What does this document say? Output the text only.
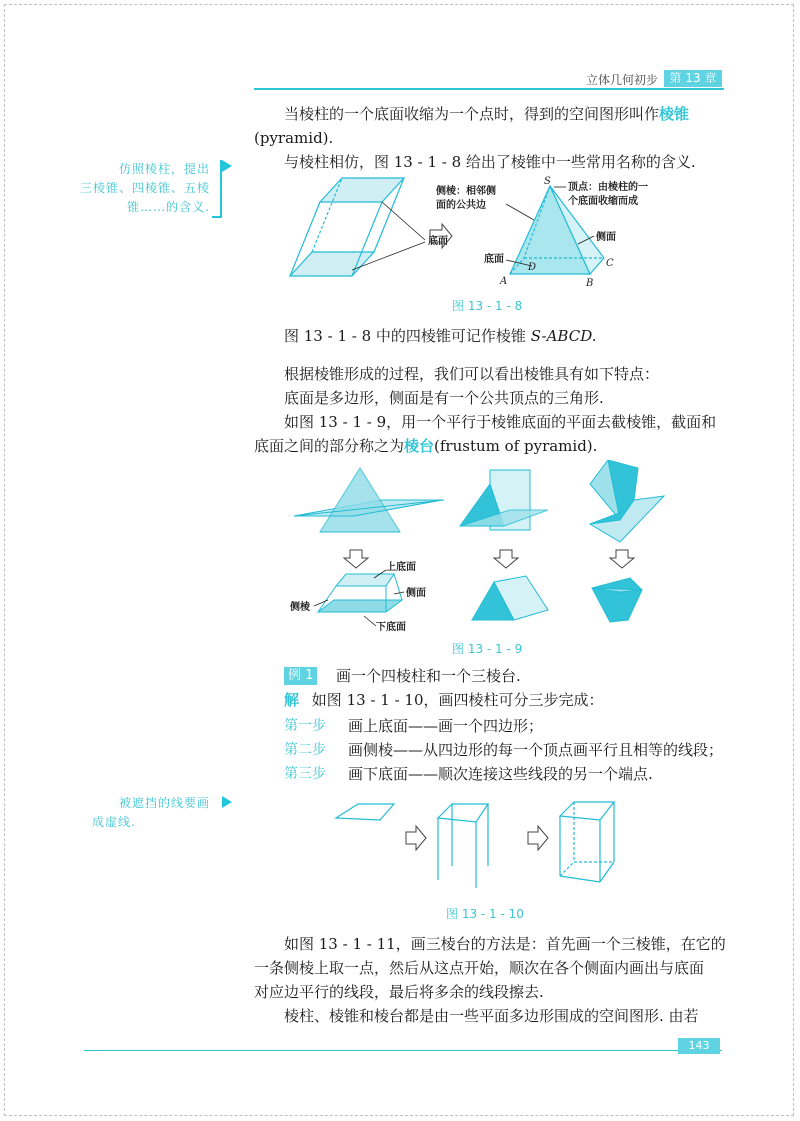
立体几何初步 第 13 章
当棱柱的一个底面收缩为一个点时，得到的空间图形叫作棱锥
(pyramid).
与棱柱相仿，图 13 - 1 - 8 给出了棱锥中一些常用名称的含义.
仿照棱柱，提出
三棱锥、四棱锥、五棱
锥……的含义.
底面
S
A	B
C
D
侧棱：相邻侧
面的公共边
顶点：由棱柱的一
个底面收缩而成
侧面
底面
图 13 - 1 - 8
图 13 - 1 - 8 中的四棱锥可记作棱锥 S-ABCD.
根据棱锥形成的过程，我们可以看出棱锥具有如下特点：
底面是多边形，侧面是有一个公共顶点的三角形.
如图 13 - 1 - 9，用一个平行于棱锥底面的平面去截棱锥，截面和
底面之间的部分称之为棱台(frustum of pyramid).
上底面
侧面
侧棱
下底面
图 13 - 1 - 9
例 1 画一个四棱柱和一个三棱台.
解 如图 13 - 1 - 10，画四棱柱可分三步完成：
第一步 画上底面——画一个四边形；
第二步 画侧棱——从四边形的每一个顶点画平行且相等的线段；
第三步 画下底面——顺次连接这些线段的另一个端点.
被遮挡的线要画
成虚线.
图 13 - 1 - 10
如图 13 - 1 - 11，画三棱台的方法是：首先画一个三棱锥，在它的
一条侧棱上取一点，然后从这点开始，顺次在各个侧面内画出与底面
对应边平行的线段，最后将多余的线段擦去.
棱柱、棱锥和棱台都是由一些平面多边形围成的空间图形. 由若
143
